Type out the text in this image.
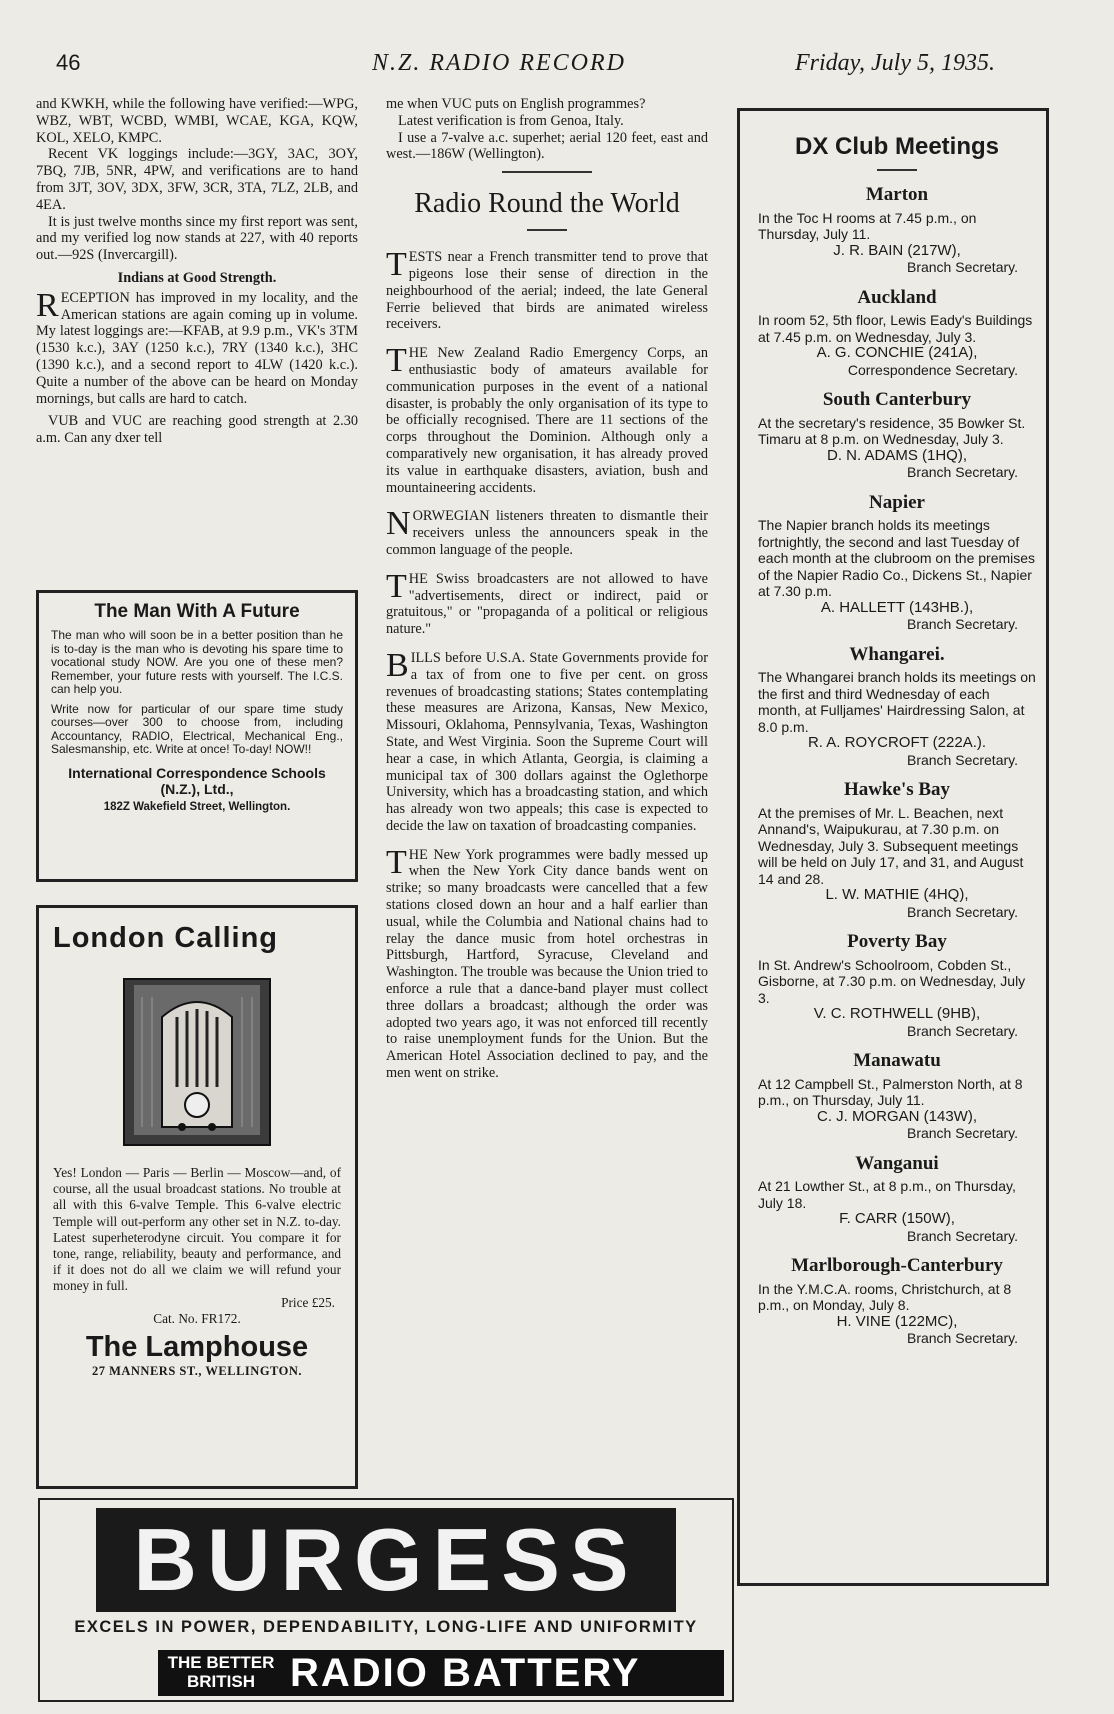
46	N.Z. RADIO RECORD	Friday, July 5, 1935.

and KWKH, while the following have verified:—WPG, WBZ, WBT, WCBD, WMBI, WCAE, KGA, KQW, KOL, XELO, KMPC.

Recent VK loggings include:—3GY, 3AC, 3OY, 7BQ, 7JB, 5NR, 4PW, and verifications are to hand from 3JT, 3OV, 3DX, 3FW, 3CR, 3TA, 7LZ, 2LB, and 4EA.

It is just twelve months since my first report was sent, and my verified log now stands at 227, with 40 reports out.—92S (Invercargill).

Indians at Good Strength.

RECEPTION has improved in my locality, and the American stations are again coming up in volume. My latest loggings are:—KFAB, at 9.9 p.m., VK's 3TM (1530 k.c.), 3AY (1250 k.c.), 7RY (1340 k.c.), 3HC (1390 k.c.), and a second report to 4LW (1420 k.c.). Quite a number of the above can be heard on Monday mornings, but calls are hard to catch.

VUB and VUC are reaching good strength at 2.30 a.m. Can any dxer tell

The Man With A Future
The man who will soon be in a better position than he is to-day is the man who is devoting his spare time to vocational study NOW. Are you one of these men? Remember, your future rests with yourself. The I.C.S. can help you.
Write now for particular of our spare time study courses—over 300 to choose from, including Accountancy, RADIO, Electrical, Mechanical Eng., Salesmanship, etc. Write at once! To-day! NOW!!
International Correspondence Schools (N.Z.), Ltd.,
182Z Wakefield Street, Wellington.
London Calling
Yes! London — Paris — Berlin — Moscow—and, of course, all the usual broadcast stations. No trouble at all with this 6-valve Temple. This 6-valve electric Temple will out-perform any other set in N.Z. to-day. Latest superheterodyne circuit. You compare it for tone, range, reliability, beauty and performance, and if it does not do all we claim we will refund your money in full.
Price £25.
Cat. No. FR172.
The Lamphouse
27 MANNERS ST., WELLINGTON.

me when VUC puts on English programmes?

Latest verification is from Genoa, Italy.

I use a 7-valve a.c. superhet; aerial 120 feet, east and west.—186W (Wellington).

Radio Round the World

TESTS near a French transmitter tend to prove that pigeons lose their sense of direction in the neighbourhood of the aerial; indeed, the late General Ferrie believed that birds are animated wireless receivers.

THE New Zealand Radio Emergency Corps, an enthusiastic body of amateurs available for communication purposes in the event of a national disaster, is probably the only organisation of its type to be officially recognised. There are 11 sections of the corps throughout the Dominion. Although only a comparatively new organisation, it has already proved its value in earthquake disasters, aviation, bush and mountaineering accidents.

NORWEGIAN listeners threaten to dismantle their receivers unless the announcers speak in the common language of the people.

THE Swiss broadcasters are not allowed to have "advertisements, direct or indirect, paid or gratuitous," or "propaganda of a political or religious nature."

BILLS before U.S.A. State Governments provide for a tax of from one to five per cent. on gross revenues of broadcasting stations; States contemplating these measures are Arizona, Kansas, New Mexico, Missouri, Oklahoma, Pennsylvania, Texas, Washington State, and West Virginia. Soon the Supreme Court will hear a case, in which Atlanta, Georgia, is claiming a municipal tax of 300 dollars against the Oglethorpe University, which has a broadcasting station, and which has already won two appeals; this case is expected to decide the law on taxation of broadcasting companies.

THE New York programmes were badly messed up when the New York City dance bands went on strike; so many broadcasts were cancelled that a few stations closed down an hour and a half earlier than usual, while the Columbia and National chains had to relay the dance music from hotel orchestras in Pittsburgh, Hartford, Syracuse, Cleveland and Washington. The trouble was because the Union tried to enforce a rule that a dance-band player must collect three dollars a broadcast; although the order was adopted two years ago, it was not enforced till recently to raise unemployment funds for the Union. But the American Hotel Association declined to pay, and the men went on strike.

DX Club Meetings
Marton
In the Toc H rooms at 7.45 p.m., on Thursday, July 11.
J. R. BAIN (217W),
Branch Secretary.
Auckland
In room 52, 5th floor, Lewis Eady's Buildings at 7.45 p.m. on Wednesday, July 3.
A. G. CONCHIE (241A),
Correspondence Secretary.
South Canterbury
At the secretary's residence, 35 Bowker St. Timaru at 8 p.m. on Wednesday, July 3.
D. N. ADAMS (1HQ),
Branch Secretary.
Napier
The Napier branch holds its meetings fortnightly, the second and last Tuesday of each month at the clubroom on the premises of the Napier Radio Co., Dickens St., Napier at 7.30 p.m.
A. HALLETT (143HB.),
Branch Secretary.
Whangarei.
The Whangarei branch holds its meetings on the first and third Wednesday of each month, at Fulljames' Hairdressing Salon, at 8.0 p.m.
R. A. ROYCROFT (222A.).
Branch Secretary.
Hawke's Bay
At the premises of Mr. L. Beachen, next Annand's, Waipukurau, at 7.30 p.m. on Wednesday, July 3. Subsequent meetings will be held on July 17, and 31, and August 14 and 28.
L. W. MATHIE (4HQ),
Branch Secretary.
Poverty Bay
In St. Andrew's Schoolroom, Cobden St., Gisborne, at 7.30 p.m. on Wednesday, July 3.
V. C. ROTHWELL (9HB),
Branch Secretary.
Manawatu
At 12 Campbell St., Palmerston North, at 8 p.m., on Thursday, July 11.
C. J. MORGAN (143W),
Branch Secretary.
Wanganui
At 21 Lowther St., at 8 p.m., on Thursday, July 18.
F. CARR (150W),
Branch Secretary.
Marlborough-Canterbury
In the Y.M.C.A. rooms, Christchurch, at 8 p.m., on Monday, July 8.
H. VINE (122MC),
Branch Secretary.
BURGESS
EXCELS IN POWER, DEPENDABILITY, LONG-LIFE AND UNIFORMITY
THE BETTER BRITISH RADIO BATTERY
